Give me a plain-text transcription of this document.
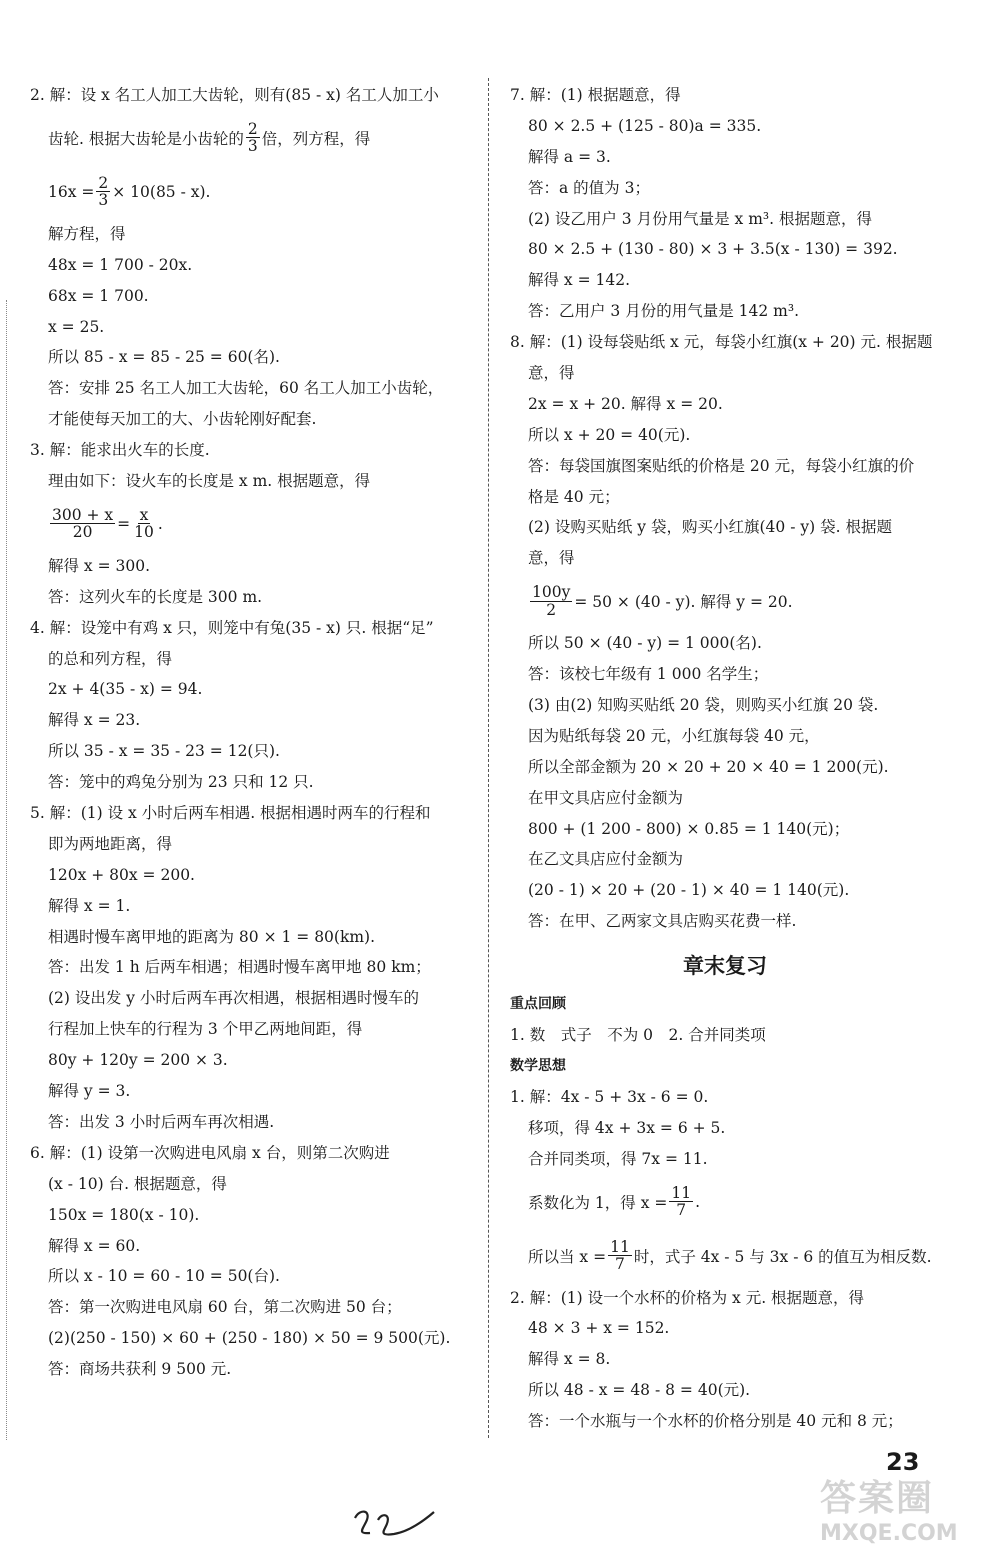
2. 解：设 x 名工人加工大齿轮，则有(85 - x) 名工人加工小
齿轮. 根据大齿轮是小齿轮的 $\frac{2}{3}$ 倍，列方程，得
$16x = \frac{2}{3} \times 10(85 - x)$.
解方程，得
48x = 1 700 - 20x.
68x = 1 700.
x = 25.
所以 85 - x = 85 - 25 = 60(名).
答：安排 25 名工人加工大齿轮，60 名工人加工小齿轮，
才能使每天加工的大、小齿轮刚好配套.
3. 解：能求出火车的长度.
理由如下：设火车的长度是 x m. 根据题意，得
$\frac{300 + x}{20} = \frac{x}{10}$ .
解得 x = 300.
答：这列火车的长度是 300 m.
4. 解：设笼中有鸡 x 只，则笼中有兔(35 - x) 只. 根据“足”
的总和列方程，得
2x + 4(35 - x) = 94.
解得 x = 23.
所以 35 - x = 35 - 23 = 12(只).
答：笼中的鸡兔分别为 23 只和 12 只.
5. 解：(1) 设 x 小时后两车相遇. 根据相遇时两车的行程和
即为两地距离，得
120x + 80x = 200.
解得 x = 1.
相遇时慢车离甲地的距离为 80 × 1 = 80(km).
答：出发 1 h 后两车相遇；相遇时慢车离甲地 80 km；
(2) 设出发 y 小时后两车再次相遇，根据相遇时慢车的
行程加上快车的行程为 3 个甲乙两地间距，得
80y + 120y = 200 × 3.
解得 y = 3.
答：出发 3 小时后两车再次相遇.
6. 解：(1) 设第一次购进电风扇 x 台，则第二次购进
(x - 10) 台. 根据题意，得
150x = 180(x - 10).
解得 x = 60.
所以 x - 10 = 60 - 10 = 50(台).
答：第一次购进电风扇 60 台，第二次购进 50 台；
(2)(250 - 150) × 60 + (250 - 180) × 50 = 9 500(元).
答：商场共获利 9 500 元.
7. 解：(1) 根据题意，得
80 × 2.5 + (125 - 80)a = 335.
解得 a = 3.
答：a 的值为 3；
(2) 设乙用户 3 月份用气量是 x m³. 根据题意，得
80 × 2.5 + (130 - 80) × 3 + 3.5(x - 130) = 392.
解得 x = 142.
答：乙用户 3 月份的用气量是 142 m³.
8. 解：(1) 设每袋贴纸 x 元，每袋小红旗(x + 20) 元. 根据题
意，得
2x = x + 20. 解得 x = 20.
所以 x + 20 = 40(元).
答：每袋国旗图案贴纸的价格是 20 元，每袋小红旗的价
格是 40 元；
(2) 设购买贴纸 y 袋，购买小红旗(40 - y) 袋. 根据题
意，得
$\frac{100y}{2} = 50 \times (40 - y)$. 解得 y = 20.
所以 50 × (40 - y) = 1 000(名).
答：该校七年级有 1 000 名学生；
(3) 由(2) 知购买贴纸 20 袋，则购买小红旗 20 袋.
因为贴纸每袋 20 元，小红旗每袋 40 元，
所以全部金额为 20 × 20 + 20 × 40 = 1 200(元).
在甲文具店应付金额为
800 + (1 200 - 800) × 0.85 = 1 140(元)；
在乙文具店应付金额为
(20 - 1) × 20 + (20 - 1) × 40 = 1 140(元).
答：在甲、乙两家文具店购买花费一样.
章末复习
重点回顾
1. 数　式子　不为 0　2. 合并同类项
数学思想
1. 解：4x - 5 + 3x - 6 = 0.
移项，得 4x + 3x = 6 + 5.
合并同类项，得 7x = 11.
系数化为 1，得 $x = \frac{11}{7}$ .
所以当 $x = \frac{11}{7}$ 时，式子 4x - 5 与 3x - 6 的值互为相反数.
2. 解：(1) 设一个水杯的价格为 x 元. 根据题意，得
48 × 3 + x = 152.
解得 x = 8.
所以 48 - x = 48 - 8 = 40(元).
答：一个水瓶与一个水杯的价格分别是 40 元和 8 元；
23
答案圈
MXQE.COM
